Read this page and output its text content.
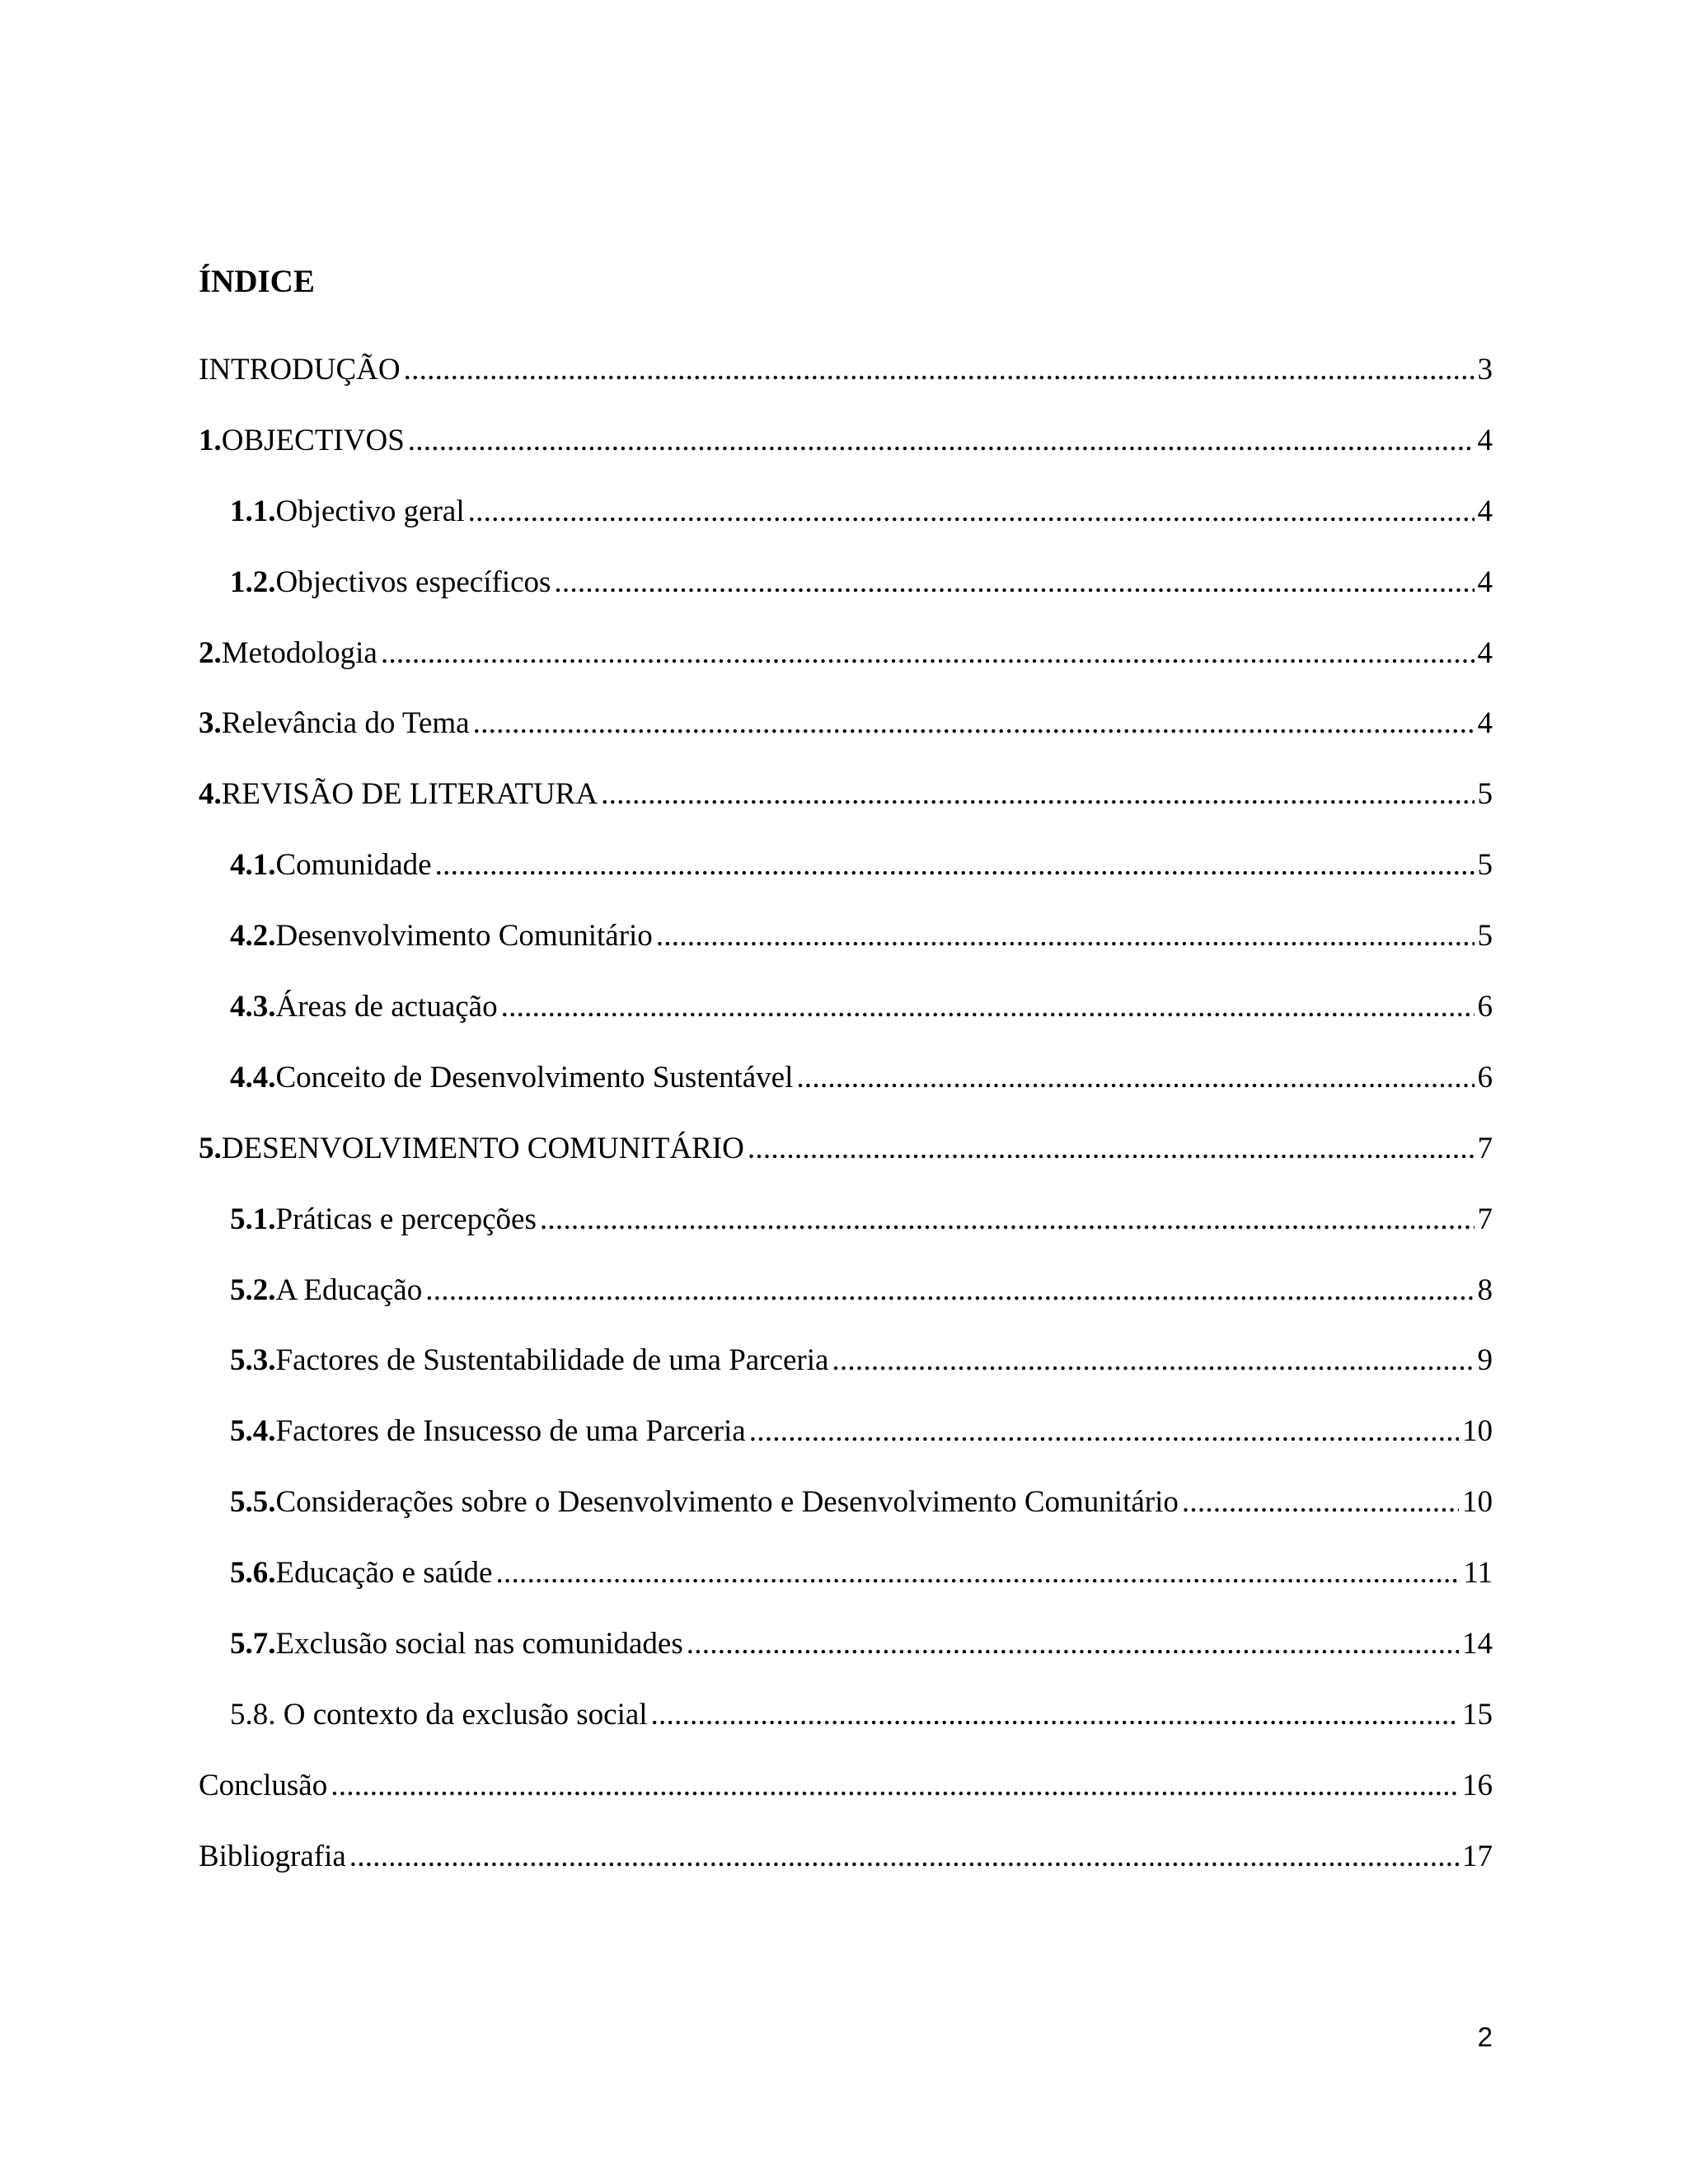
ÍNDICE
INTRODUÇÃO . . .	3
1. OBJECTIVOS . . .	4
1.1. Objectivo geral . . .	4
1.2. Objectivos específicos . . .	4
2. Metodologia . . .	4
3. Relevância do Tema . . .	4
4. REVISÃO DE LITERATURA . . .	5
4.1. Comunidade . . .	5
4.2. Desenvolvimento Comunitário . . .	5
4.3. Áreas de actuação . . .	6
4.4. Conceito de Desenvolvimento Sustentável . . .	6
5. DESENVOLVIMENTO COMUNITÁRIO . . .	7
5.1. Práticas e percepções . . .	7
5.2. A Educação . . .	8
5.3. Factores de Sustentabilidade de uma Parceria . . .	9
5.4. Factores de Insucesso de uma Parceria . . .	10
5.5. Considerações sobre o Desenvolvimento e Desenvolvimento Comunitário . . .	10
5.6. Educação e saúde . . .	11
5.7. Exclusão social nas comunidades . . .	14
5.8. O contexto da exclusão social . . .	15
Conclusão . . .	16
Bibliografia . . .	17
2
